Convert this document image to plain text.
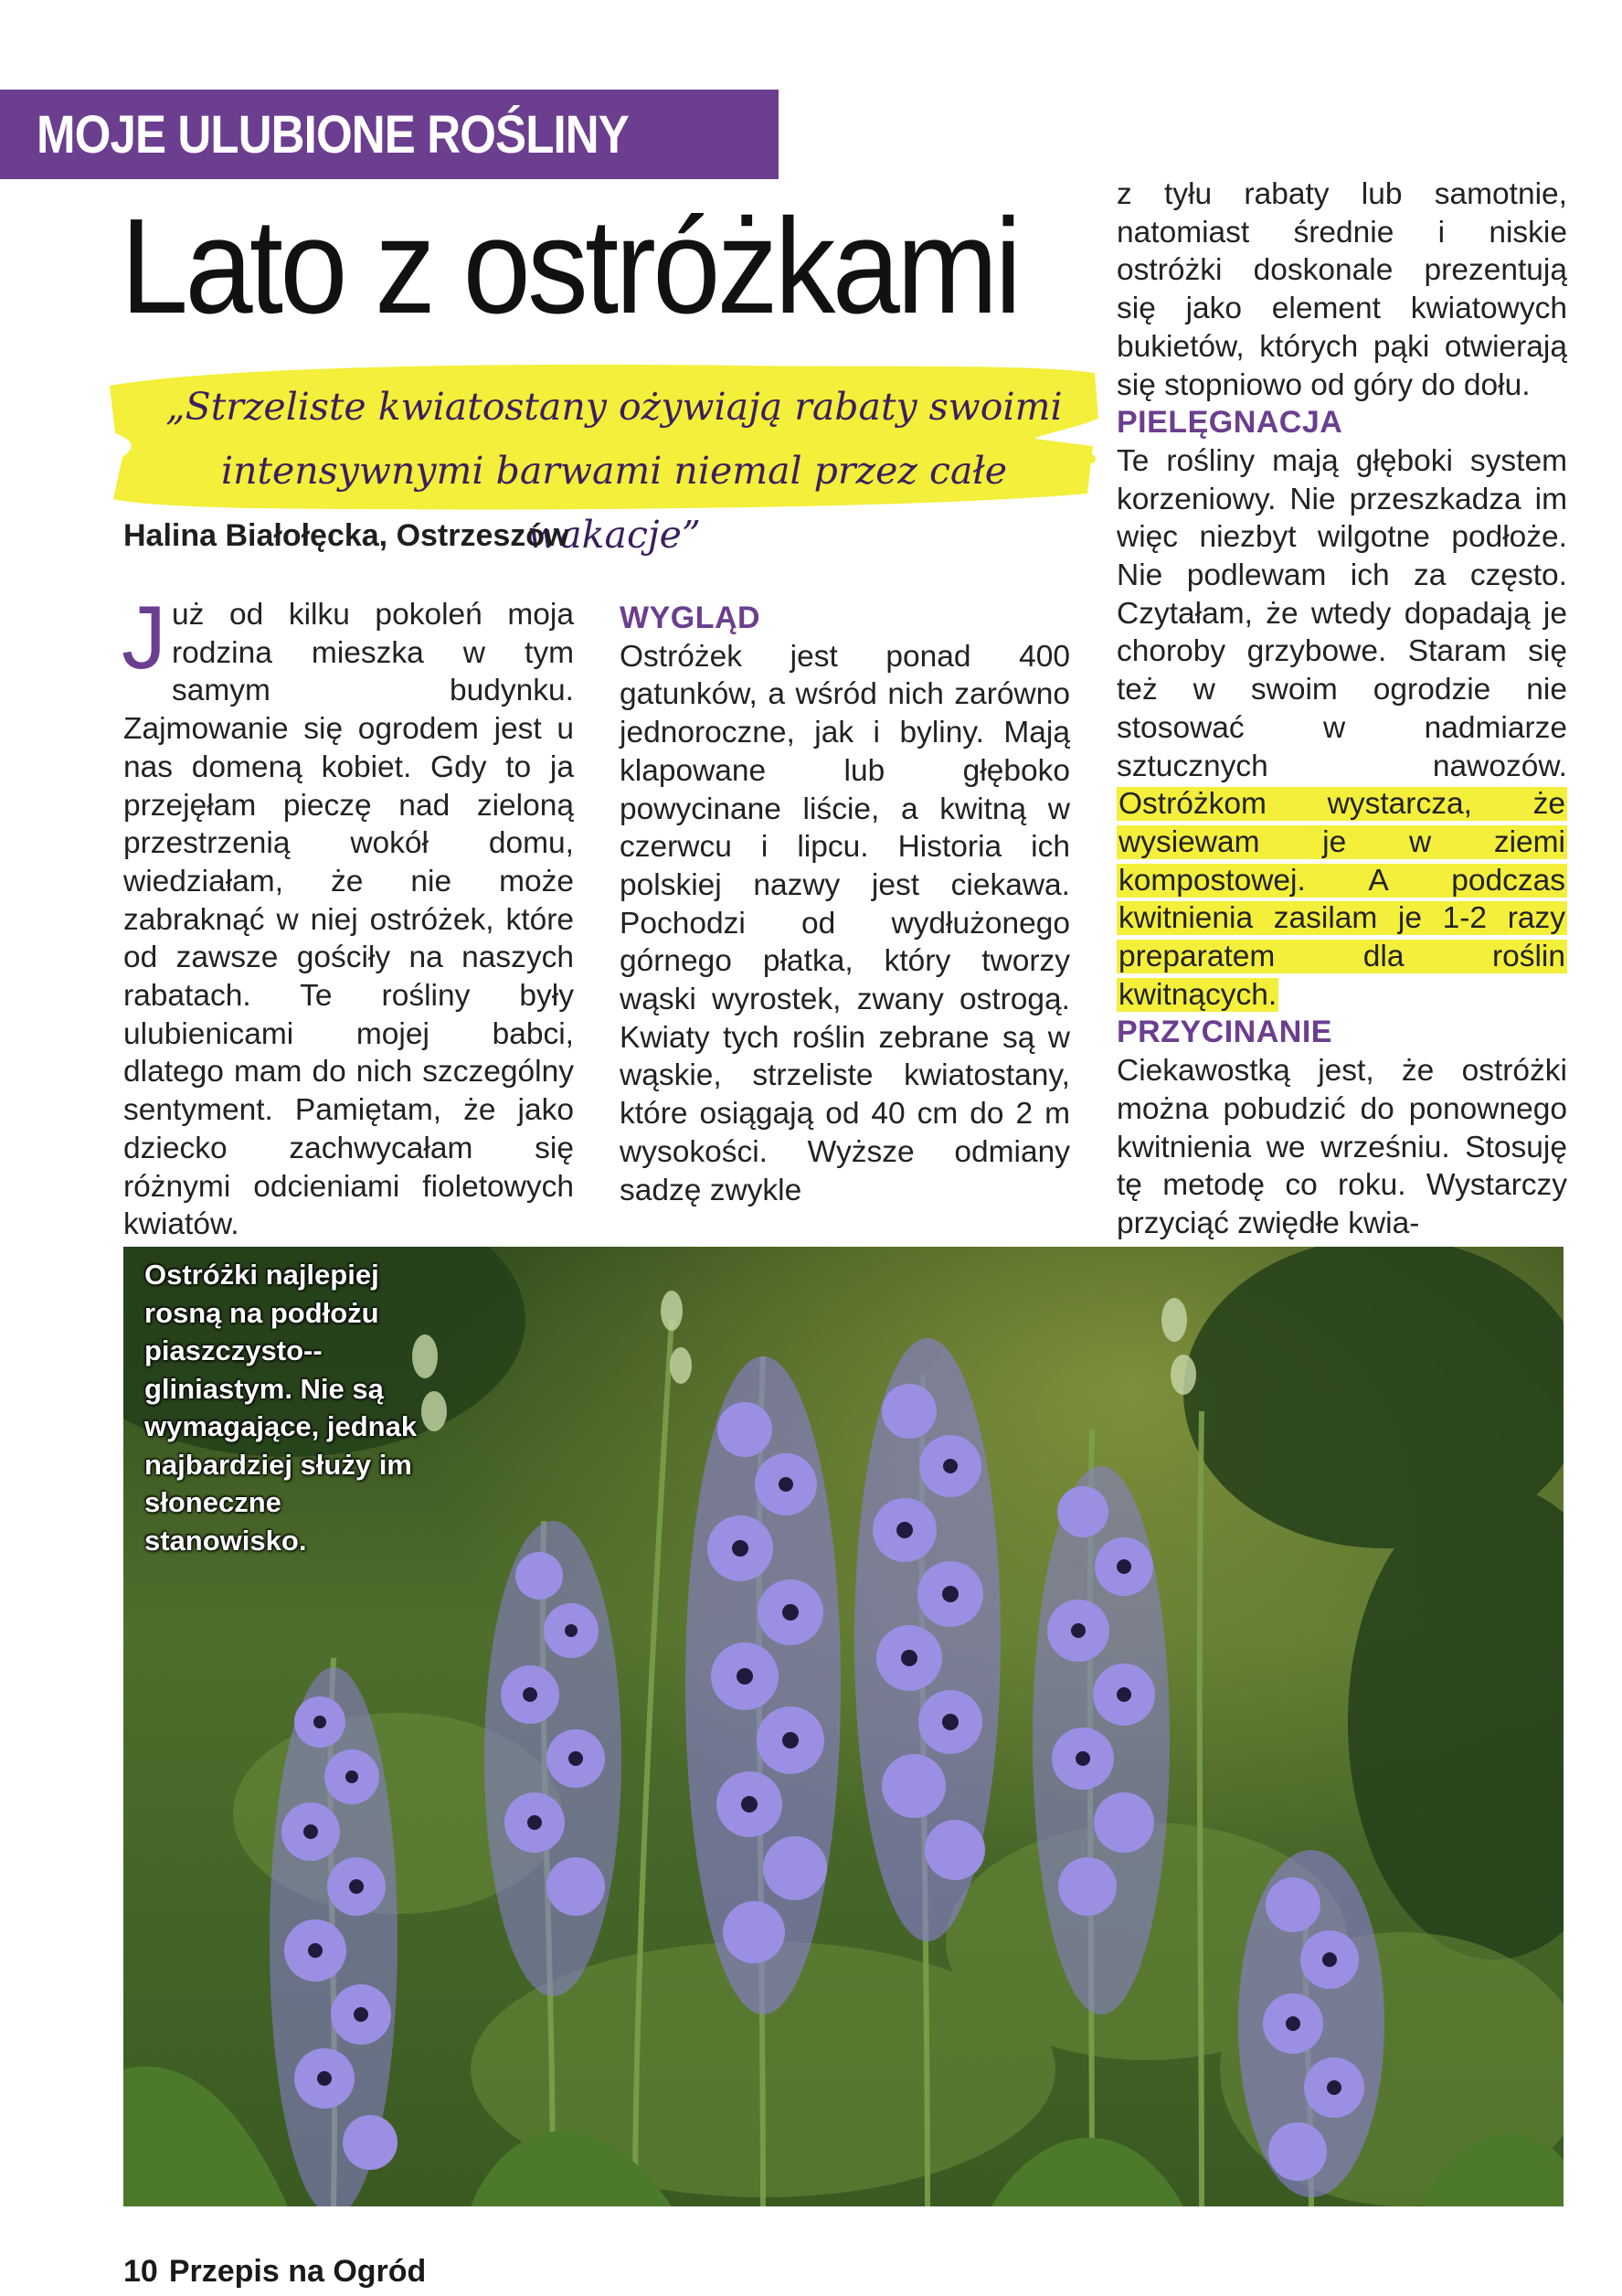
MOJE ULUBIONE ROŚLINY
Lato z ostróżkami
„Strzeliste kwiatostany ożywiają rabaty swoimi
intensywnymi barwami niemal przez całe wakacje”
Halina Białołęcka, Ostrzeszów

Już od kilku pokoleń moja rodzina mieszka w tym samym budynku. Zajmowanie się ogrodem jest u nas domeną kobiet. Gdy to ja przejęłam pieczę nad zieloną przestrzenią wokół domu, wiedziałam, że nie może zabraknąć w niej ostróżek, które od zawsze gościły na naszych rabatach. Te rośliny były ulubienicami mojej babci, dlatego mam do nich szczególny sentyment. Pamiętam, że jako dziecko zachwycałam się różnymi odcieniami fioletowych kwiatów.

WYGLĄD

Ostróżek jest ponad 400 gatunków, a wśród nich zarówno jednoroczne, jak i byliny. Mają klapowane lub głęboko powycinane liście, a kwitną w czerwcu i lipcu. Historia ich polskiej nazwy jest ciekawa. Pochodzi od wydłużonego górnego płatka, który tworzy wąski wyrostek, zwany ostrogą. Kwiaty tych roślin zebrane są w wąskie, strzeliste kwiatostany, które osiągają od 40 cm do 2 m wysokości. Wyższe odmiany sadzę zwykle

z tyłu rabaty lub samotnie, natomiast średnie i niskie ostróżki doskonale prezentują się jako element kwiatowych bukietów, których pąki otwierają się stopniowo od góry do dołu.

PIELĘGNACJA

Te rośliny mają głęboki system korzeniowy. Nie przeszkadza im więc niezbyt wilgotne podłoże. Nie podlewam ich za często. Czytałam, że wtedy dopadają je choroby grzybowe. Staram się też w swoim ogrodzie nie stosować w nadmiarze sztucznych nawozów. Ostróżkom wystarcza, że wysiewam je w ziemi kompostowej. A podczas kwitnienia zasilam je 1-2 razy preparatem dla roślin kwitnących.

PRZYCINANIE

Ciekawostką jest, że ostróżki można pobudzić do ponownego kwitnienia we wrześniu. Stosuję tę metodę co roku. Wystarczy przyciąć zwiędłe kwia-

Ostróżki najlepiej rosną na podłożu piaszczysto--gliniastym. Nie są wymagające, jednak najbardziej służy im słoneczne stanowisko.
10 Przepis na Ogród
